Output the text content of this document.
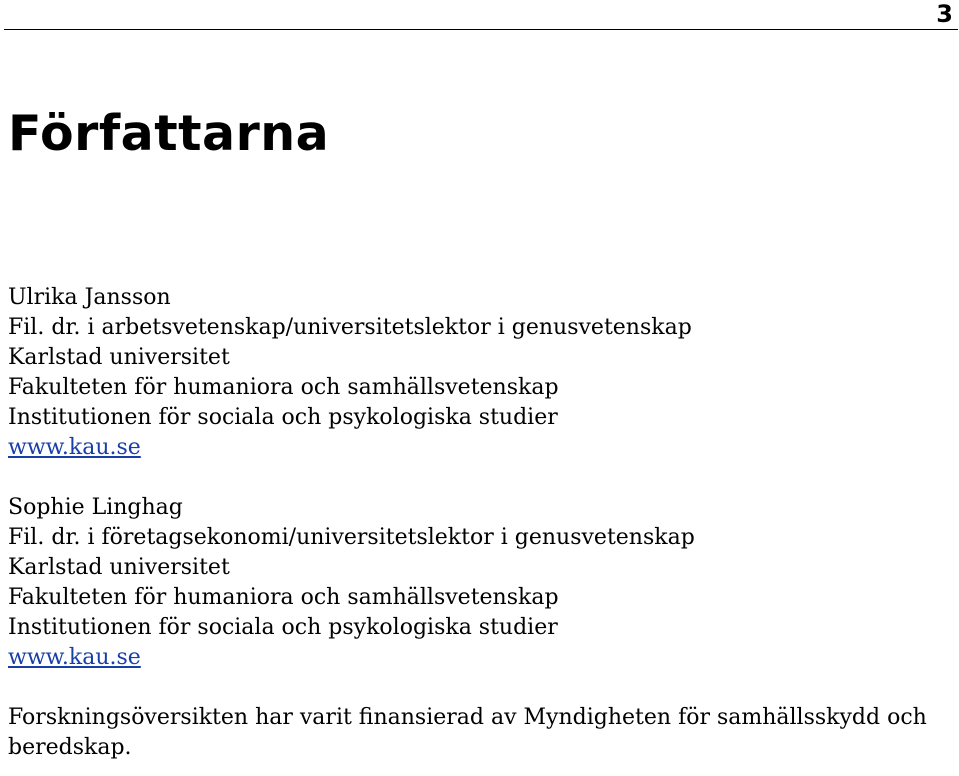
3
Författarna

Ulrika Jansson

Fil. dr. i arbetsvetenskap/universitetslektor i genusvetenskap

Karlstad universitet

Fakulteten för humaniora och samhällsvetenskap

Institutionen för sociala och psykologiska studier

www.kau.se

Sophie Linghag

Fil. dr. i företagsekonomi/universitetslektor i genusvetenskap

Karlstad universitet

Fakulteten för humaniora och samhällsvetenskap

Institutionen för sociala och psykologiska studier

www.kau.se

Forskningsöversikten har varit finansierad av Myndigheten för samhällsskydd och beredskap.
